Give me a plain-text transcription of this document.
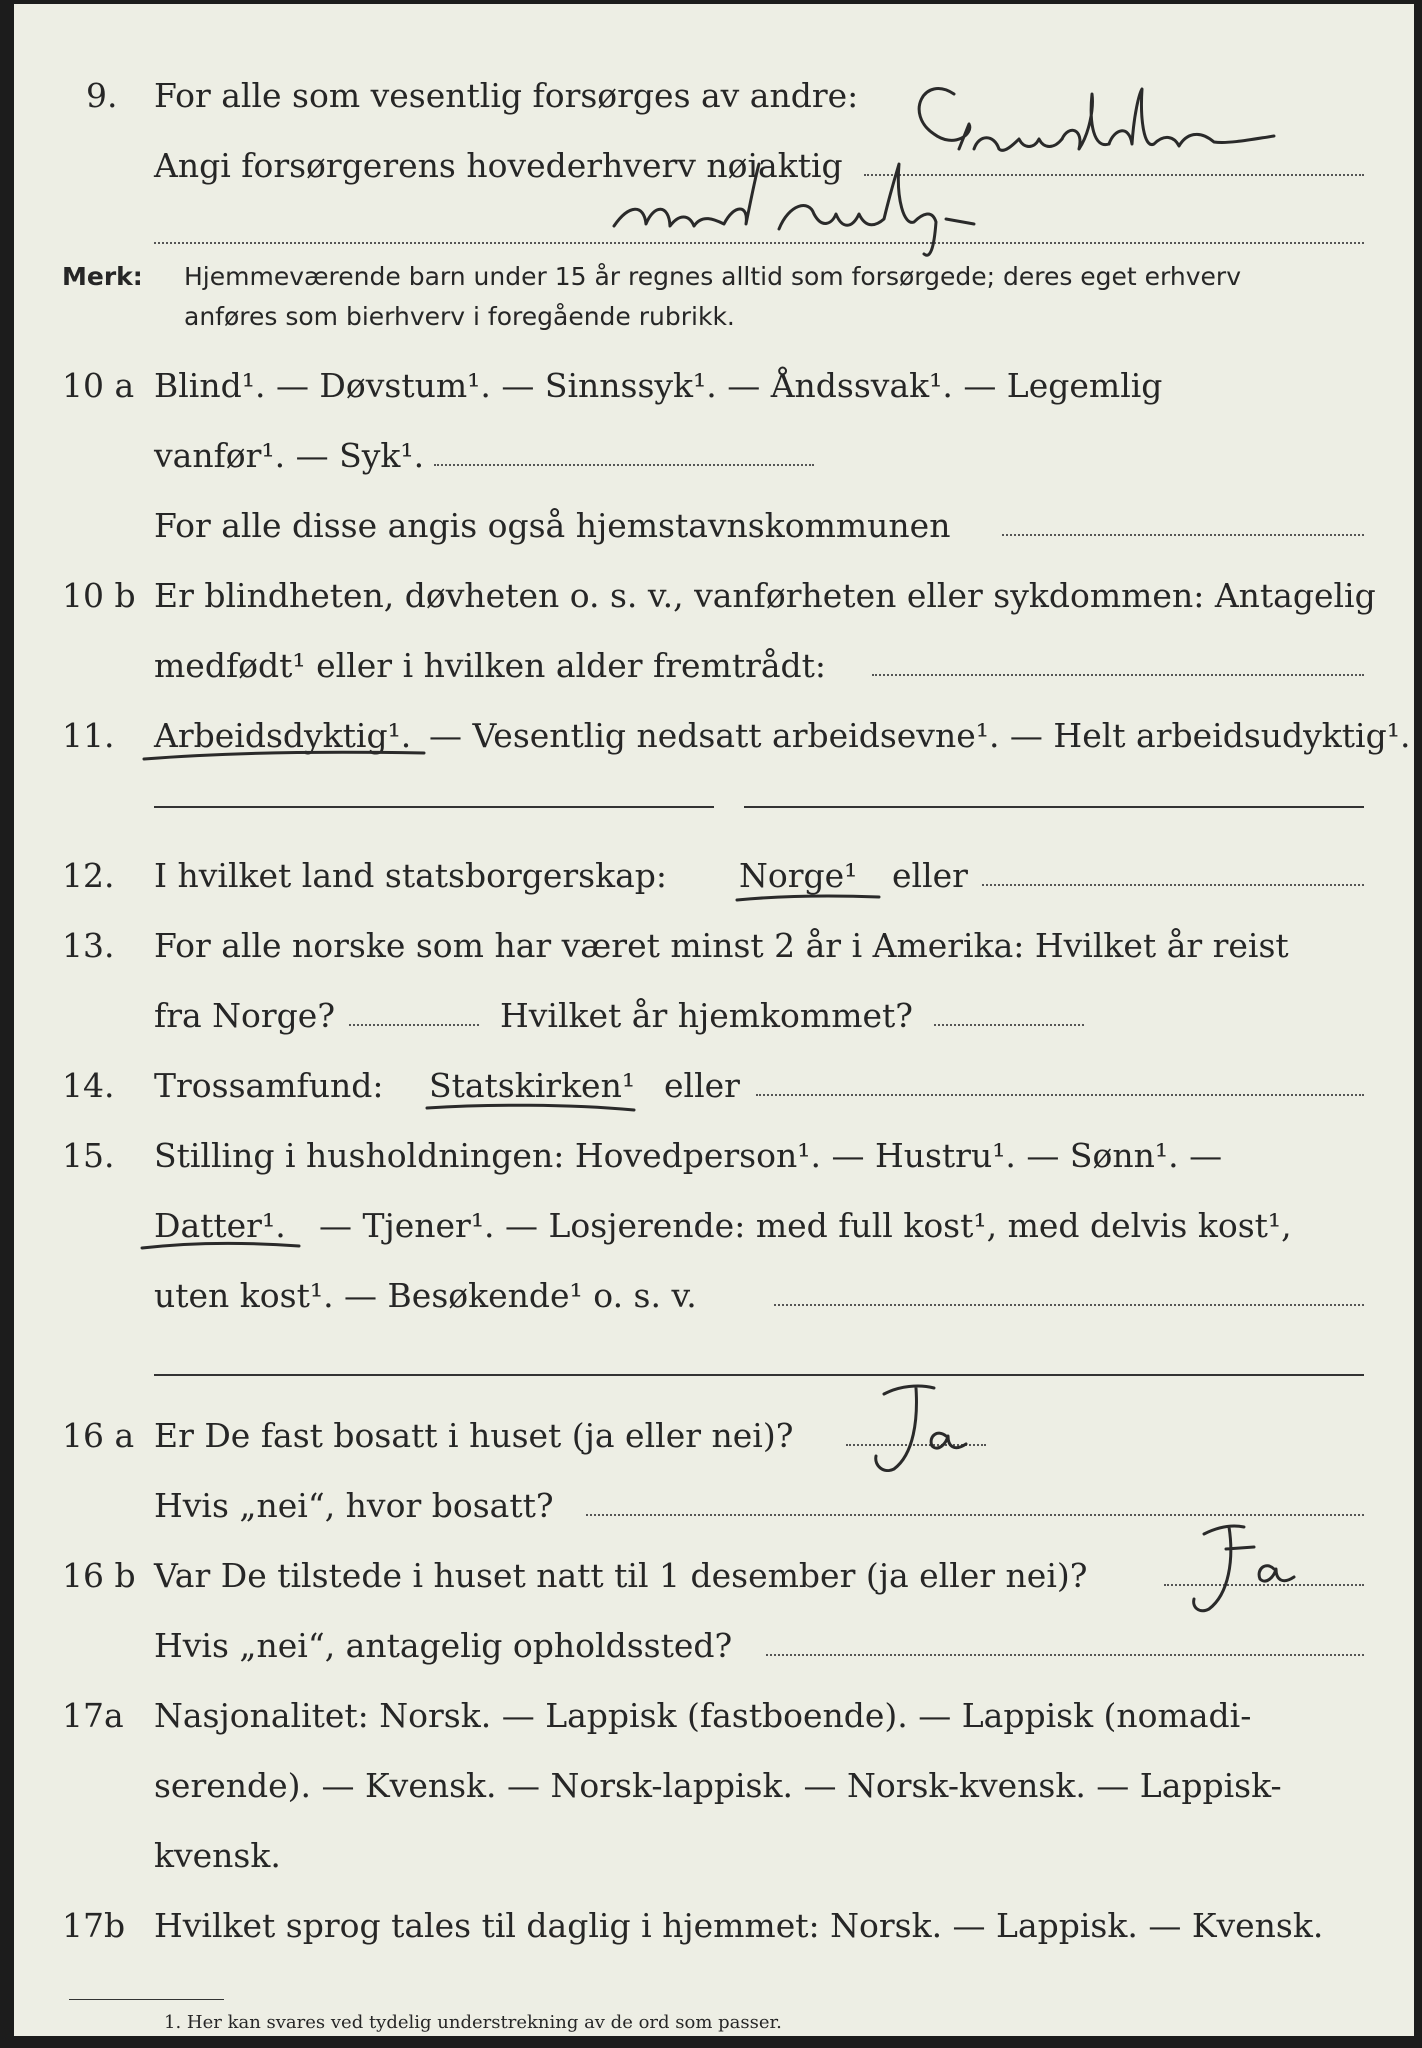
9. For alle som vesentlig forsørges av andre:
Angi forsørgerens hovederhverv nøiaktig
Merk: Hjemmeværende barn under 15 år regnes alltid som forsørgede; deres eget erhverv
anføres som bierhverv i foregående rubrikk.
10 a Blind¹. — Døvstum¹. — Sinnssyk¹. — Åndssvak¹. — Legemlig
vanfør¹. — Syk¹.
For alle disse angis også hjemstavnskommunen
10 b Er blindheten, døvheten o. s. v., vanførheten eller sykdommen: Antagelig
medfødt¹ eller i hvilken alder fremtrådt:
11. Arbeidsdyktig¹. — Vesentlig nedsatt arbeidsevne¹. — Helt arbeidsudyktig¹.
12. I hvilket land statsborgerskap: Norge¹ eller
13. For alle norske som har været minst 2 år i Amerika: Hvilket år reist
fra Norge?	Hvilket år hjemkommet?
14. Trossamfund: Statskirken¹ eller
15. Stilling i husholdningen: Hovedperson¹. — Hustru¹. — Sønn¹. —
Datter¹. — Tjener¹. — Losjerende: med full kost¹, med delvis kost¹,
uten kost¹. — Besøkende¹ o. s. v.
16 a Er De fast bosatt i huset (ja eller nei)?
Hvis „nei“, hvor bosatt?
16 b Var De tilstede i huset natt til 1 desember (ja eller nei)?
Hvis „nei“, antagelig opholdssted?
17a Nasjonalitet: Norsk. — Lappisk (fastboende). — Lappisk (nomadi-
serende). — Kvensk. — Norsk-lappisk. — Norsk-kvensk. — Lappisk-
kvensk.
17b Hvilket sprog tales til daglig i hjemmet: Norsk. — Lappisk. — Kvensk.
1. Her kan svares ved tydelig understrekning av de ord som passer.
